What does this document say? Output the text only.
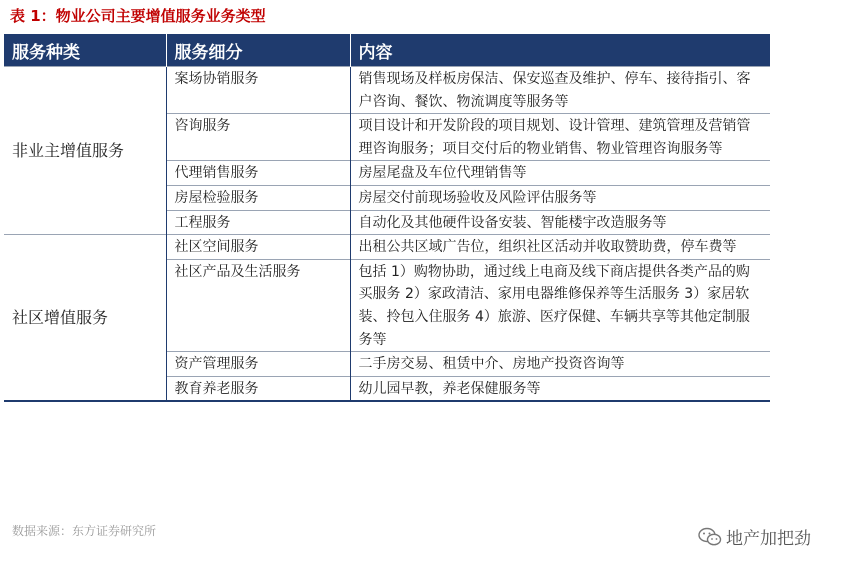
表 1：物业公司主要增值服务业务类型
服务种类	服务细分	内容
非业主增值服务	案场协销服务	销售现场及样板房保洁、保安巡查及维护、停车、接待指引、客户咨询、餐饮、物流调度等服务等
	咨询服务	项目设计和开发阶段的项目规划、设计管理、建筑管理及营销管理咨询服务；项目交付后的物业销售、物业管理咨询服务等
	代理销售服务	房屋尾盘及车位代理销售等
	房屋检验服务	房屋交付前现场验收及风险评估服务等
	工程服务	自动化及其他硬件设备安装、智能楼宇改造服务等
社区增值服务	社区空间服务	出租公共区域广告位，组织社区活动并收取赞助费，停车费等
	社区产品及生活服务	包括 1）购物协助，通过线上电商及线下商店提供各类产品的购买服务 2）家政清洁、家用电器维修保养等生活服务 3）家居软装、拎包入住服务 4）旅游、医疗保健、车辆共享等其他定制服务等
	资产管理服务	二手房交易、租赁中介、房地产投资咨询等
	教育养老服务	幼儿园早教，养老保健服务等
数据来源：东方证券研究所	地产加把劲
